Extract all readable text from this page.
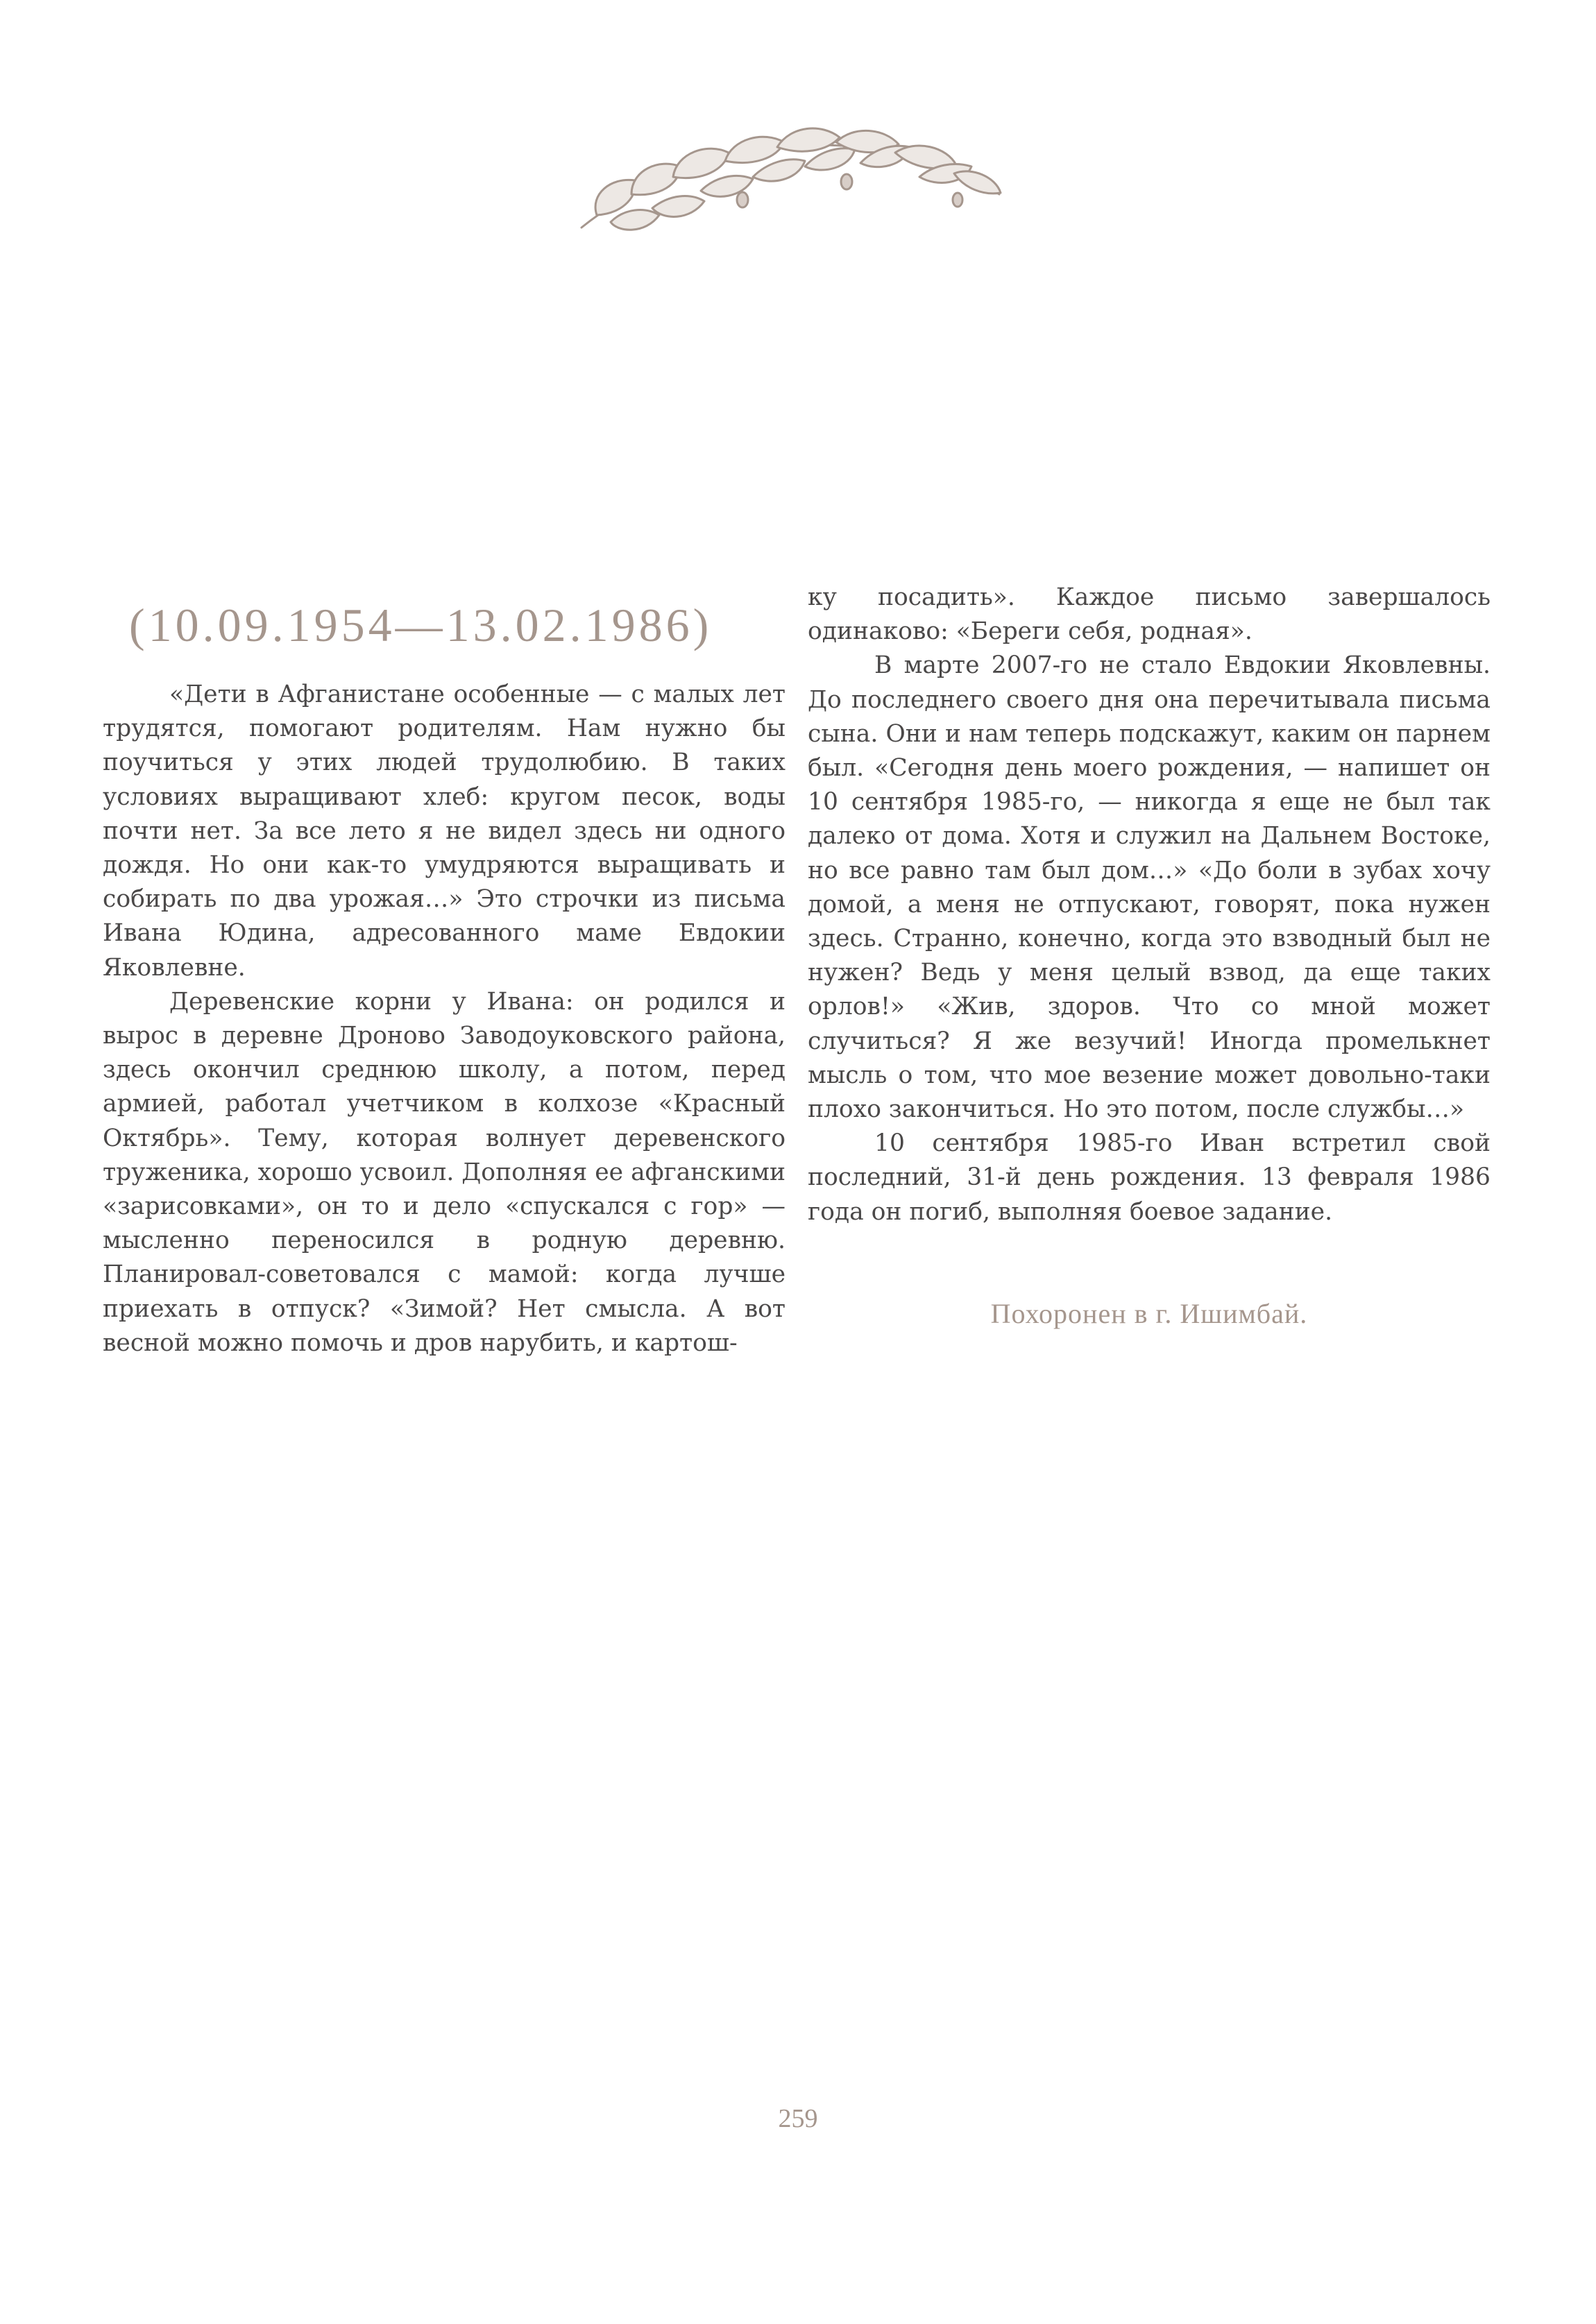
(10.09.1954—13.02.1986)

«Дети в Афганистане особенные — с малых лет трудятся, помогают родителям. Нам нужно бы поучиться у этих людей трудолюбию. В таких условиях выращивают хлеб: кругом песок, воды почти нет. За все лето я не видел здесь ни одного дождя. Но они как-то умудряются выращивать и собирать по два урожая…» Это строчки из письма Ивана Юдина, адресованного маме Евдокии Яковлевне.

Деревенские корни у Ивана: он родился и вырос в деревне Дроново Заводоуковского района, здесь окончил среднюю школу, а потом, перед армией, работал учетчиком в колхозе «Красный Октябрь». Тему, которая волнует деревенского труженика, хорошо усвоил. Дополняя ее афганскими «зарисовками», он то и дело «спускался с гор» — мысленно переносился в родную деревню. Планировал-советовался с мамой: когда лучше приехать в отпуск? «Зимой? Нет смысла. А вот весной можно помочь и дров нарубить, и картош-

ку посадить». Каждое письмо завершалось одинаково: «Береги себя, родная».

В марте 2007-го не стало Евдокии Яковлевны. До последнего своего дня она перечитывала письма сына. Они и нам теперь подскажут, каким он парнем был. «Сегодня день моего рождения, — напишет он 10 сентября 1985-го, — никогда я еще не был так далеко от дома. Хотя и служил на Дальнем Востоке, но все равно там был дом…» «До боли в зубах хочу домой, а меня не отпускают, говорят, пока нужен здесь. Странно, конечно, когда это взводный был не нужен? Ведь у меня целый взвод, да еще таких орлов!» «Жив, здоров. Что со мной может случиться? Я же везучий! Иногда промелькнет мысль о том, что мое везение может довольно-таки плохо закончиться. Но это потом, после службы…»

10 сентября 1985-го Иван встретил свой последний, 31-й день рождения. 13 февраля 1986 года он погиб, выполняя боевое задание.

Похоронен в г. Ишимбай.
259
